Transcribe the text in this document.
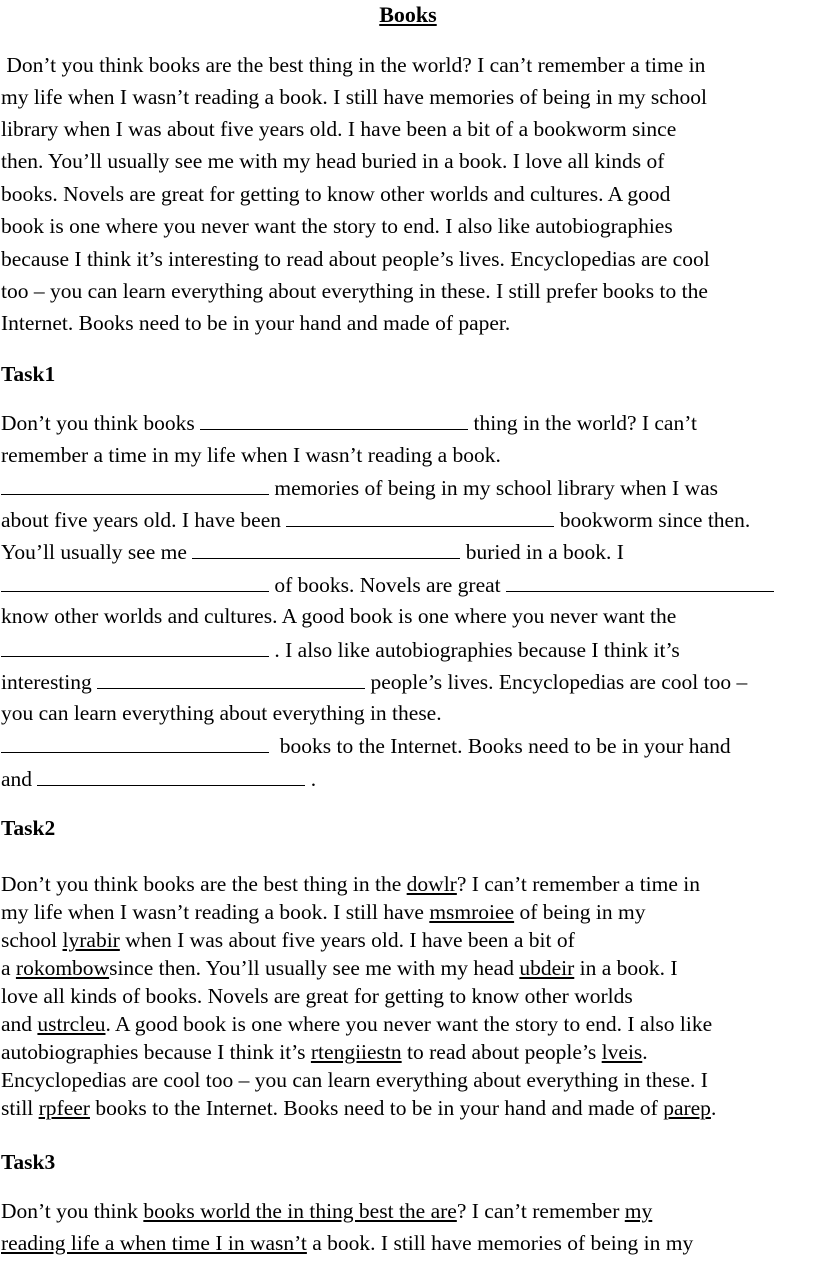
Books

Don’t you think books are the best thing in the world? I can’t remember a time in

my life when I wasn’t reading a book. I still have memories of being in my school

library when I was about five years old. I have been a bit of a bookworm since

then. You’ll usually see me with my head buried in a book. I love all kinds of

books. Novels are great for getting to know other worlds and cultures. A good

book is one where you never want the story to end. I also like autobiographies

because I think it’s interesting to read about people’s lives. Encyclopedias are cool

too – you can learn everything about everything in these. I still prefer books to the

Internet. Books need to be in your hand and made of paper.

Task1

Don’t you think books	thing in the world? I can’t

remember a time in my life when I wasn’t reading a book.

memories of being in my school library when I was

about five years old. I have been	bookworm since then.

You’ll usually see me	buried in a book. I

of books. Novels are great

know other worlds and cultures. A good book is one where you never want the

. I also like autobiographies because I think it’s

interesting	people’s lives. Encyclopedias are cool too –

you can learn everything about everything in these.

books to the Internet. Books need to be in your hand

and	.

Task2

Don’t you think books are the best thing in the dowlr? I can’t remember a time in

my life when I wasn’t reading a book. I still have msmroiee of being in my

school lyrabir when I was about five years old. I have been a bit of

a rokombowsince then. You’ll usually see me with my head ubdeir in a book. I

love all kinds of books. Novels are great for getting to know other worlds

and ustrcleu. A good book is one where you never want the story to end. I also like

autobiographies because I think it’s rtengiiestn to read about people’s lveis.

Encyclopedias are cool too – you can learn everything about everything in these. I

still rpfeer books to the Internet. Books need to be in your hand and made of parep.

Task3

Don’t you think books world the in thing best the are? I can’t remember my

reading life a when time I in wasn’t a book. I still have memories of being in my
